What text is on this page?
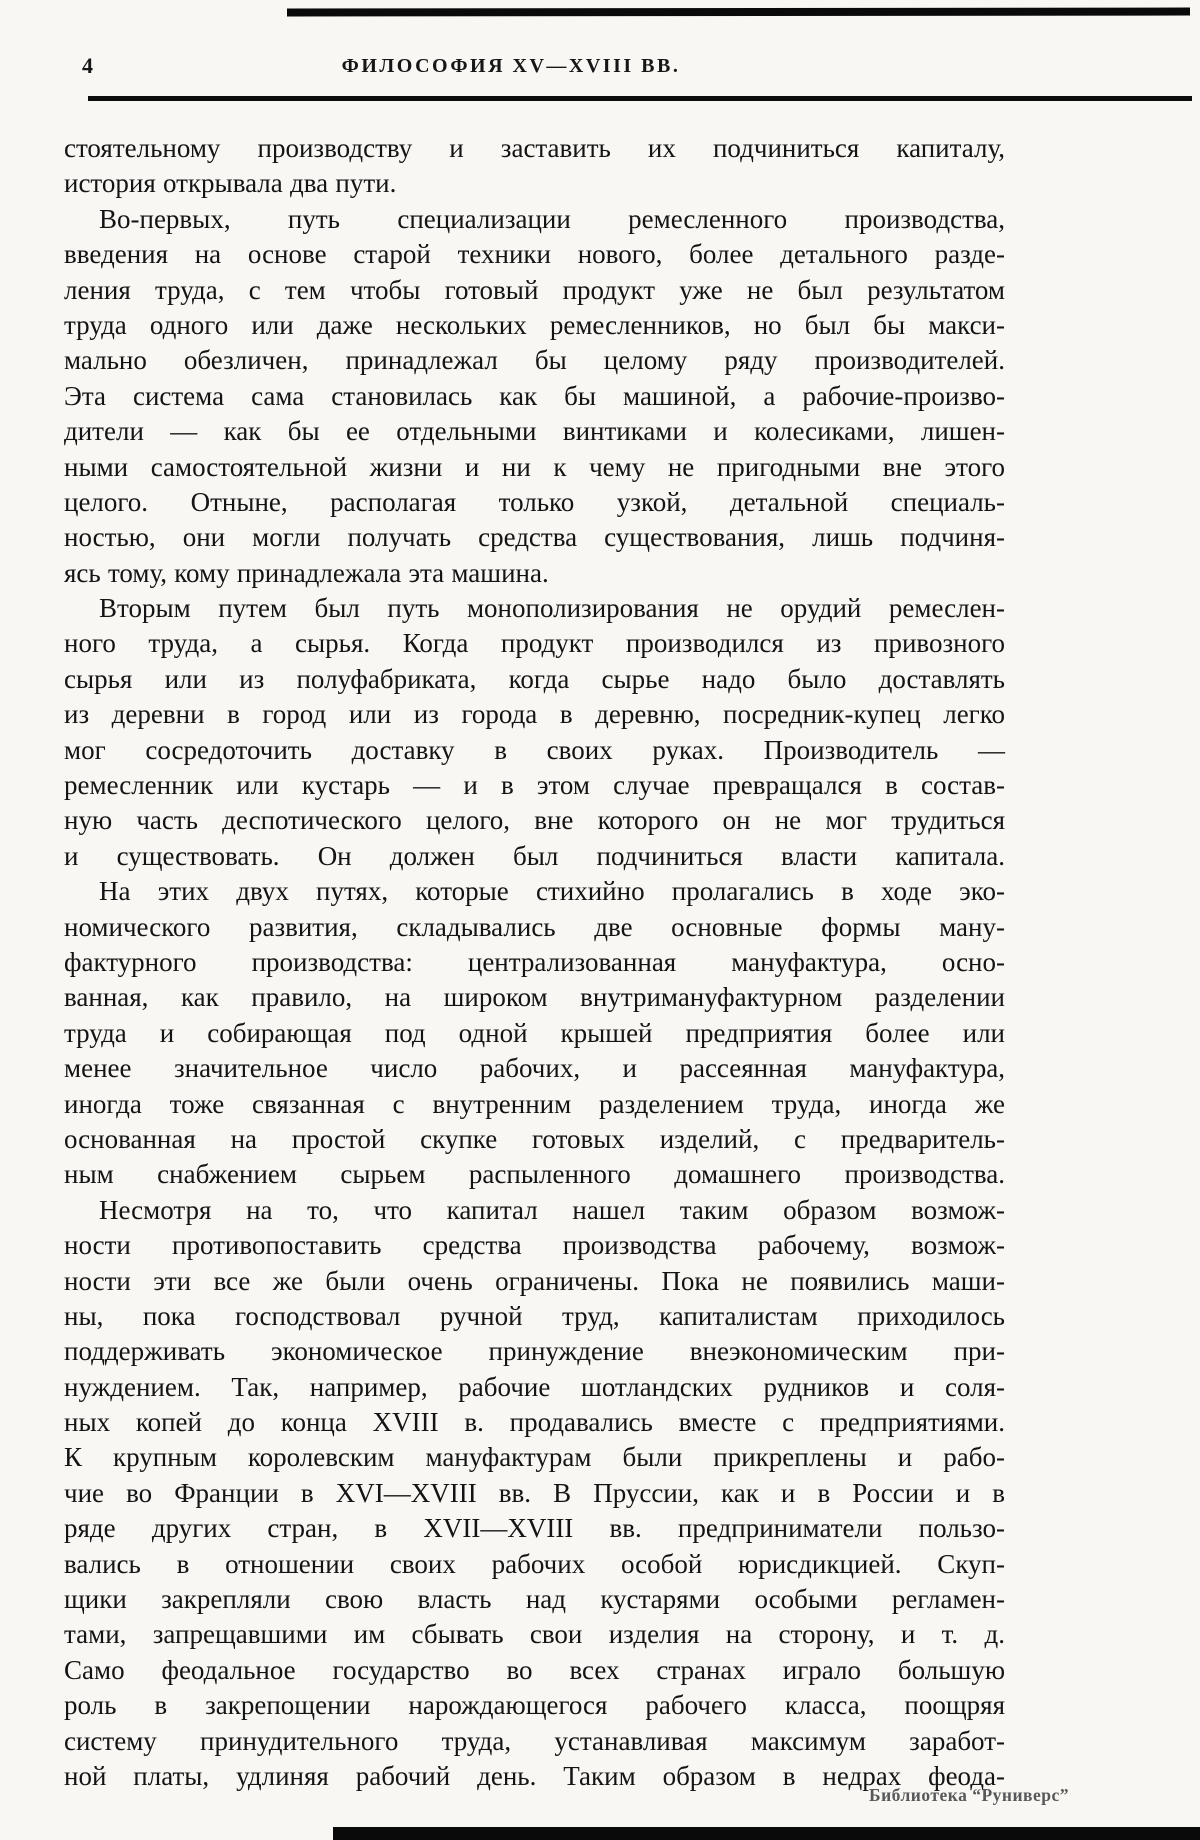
4	ФИЛОСОФИЯ XV—XVIII ВВ.
стоятельному производству и заставить их подчиниться капиталу,
история открывала два пути.
Во-первых, путь специализации ремесленного производства,
введения на основе старой техники нового, более детального разде-
ления труда, с тем чтобы готовый продукт уже не был результатом
труда одного или даже нескольких ремесленников, но был бы макси-
мально обезличен, принадлежал бы целому ряду производителей.
Эта система сама становилась как бы машиной, а рабочие-произво-
дители — как бы ее отдельными винтиками и колесиками, лишен-
ными самостоятельной жизни и ни к чему не пригодными вне этого
целого. Отныне, располагая только узкой, детальной специаль-
ностью, они могли получать средства существования, лишь подчиня-
ясь тому, кому принадлежала эта машина.
Вторым путем был путь монополизирования не орудий ремеслен-
ного труда, а сырья. Когда продукт производился из привозного
сырья или из полуфабриката, когда сырье надо было доставлять
из деревни в город или из города в деревню, посредник-купец легко
мог сосредоточить доставку в своих руках. Производитель —
ремесленник или кустарь — и в этом случае превращался в состав-
ную часть деспотического целого, вне которого он не мог трудиться
и существовать. Он должен был подчиниться власти капитала.
На этих двух путях, которые стихийно пролагались в ходе эко-
номического развития, складывались две основные формы ману-
фактурного производства: централизованная мануфактура, осно-
ванная, как правило, на широком внутримануфактурном разделении
труда и собирающая под одной крышей предприятия более или
менее значительное число рабочих, и рассеянная мануфактура,
иногда тоже связанная с внутренним разделением труда, иногда же
основанная на простой скупке готовых изделий, с предваритель-
ным снабжением сырьем распыленного домашнего производства.
Несмотря на то, что капитал нашел таким образом возмож-
ности противопоставить средства производства рабочему, возмож-
ности эти все же были очень ограничены. Пока не появились маши-
ны, пока господствовал ручной труд, капиталистам приходилось
поддерживать экономическое принуждение внеэкономическим при-
нуждением. Так, например, рабочие шотландских рудников и соля-
ных копей до конца XVIII в. продавались вместе с предприятиями.
К крупным королевским мануфактурам были прикреплены и рабо-
чие во Франции в XVI—XVIII вв. В Пруссии, как и в России и в
ряде других стран, в XVII—XVIII вв. предприниматели пользо-
вались в отношении своих рабочих особой юрисдикцией. Скуп-
щики закрепляли свою власть над кустарями особыми регламен-
тами, запрещавшими им сбывать свои изделия на сторону, и т. д.
Само феодальное государство во всех странах играло большую
роль в закрепощении нарождающегося рабочего класса, поощряя
систему принудительного труда, устанавливая максимум заработ-
ной платы, удлиняя рабочий день. Таким образом в недрах феода-
Библиотека “Руниверс”
